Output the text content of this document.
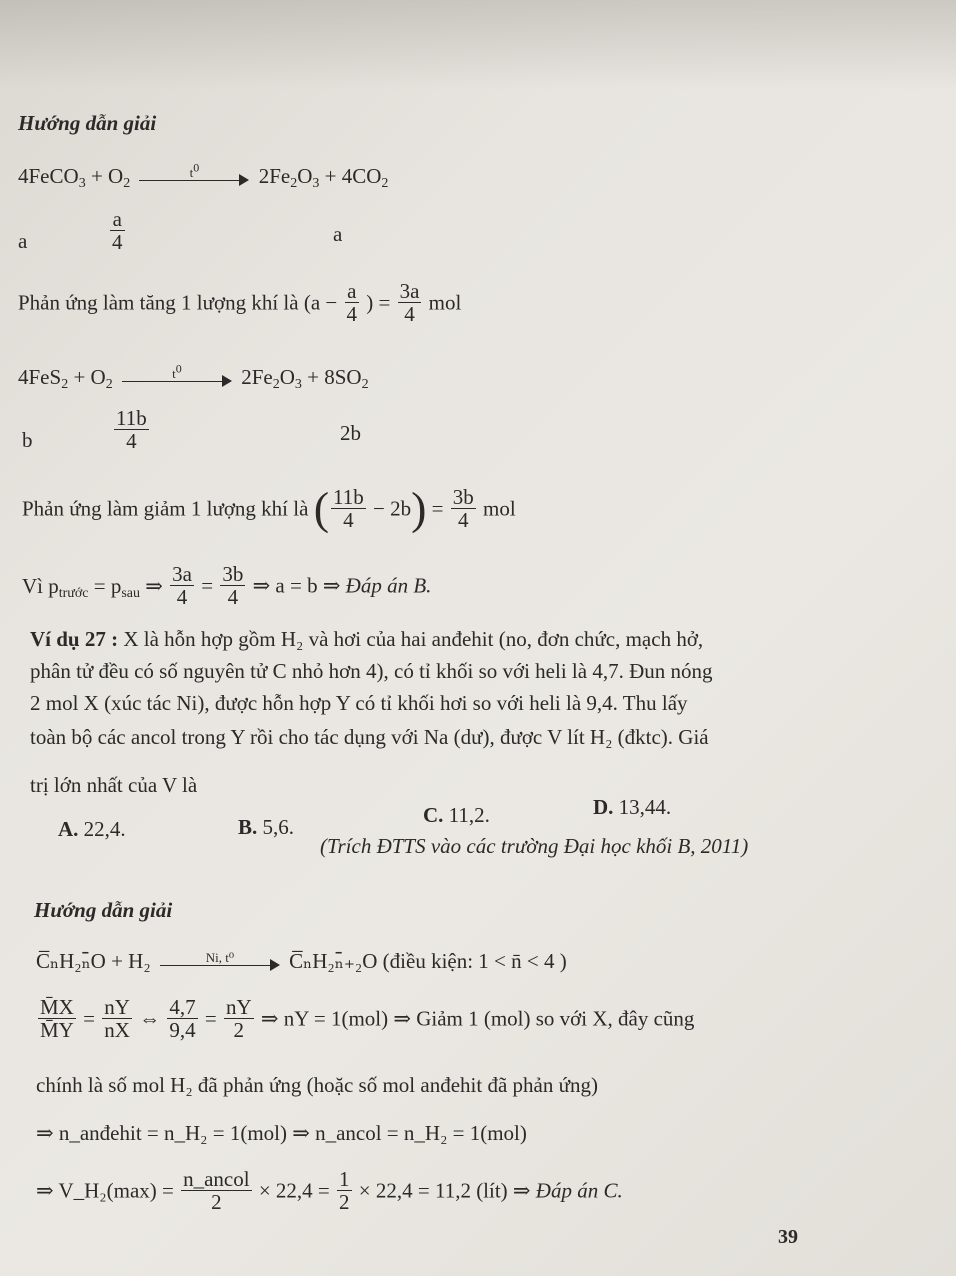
Hướng dẫn giải
4FeCO$_3$ + $O_2$
$t^0$	$2Fe_2O_3 + 4CO_2$
a	$\frac{a}{4}$	a
Phản ứng làm tăng 1 lượng khí là ($a - \frac{a}{4}$ ) = $\frac{3a}{4}$ mol
$4FeS_2 + O_2$
$t^0$	$2Fe_2O_3 + 8SO_2$
b	$\frac{11b}{4}$	2b
Phản ứng làm giảm 1 lượng khí là ( $\frac{11b}{4} - 2b) = \frac{3b}{4}$ mol
Vì $p_{trước} = p_{sau}$ ⇒ $\frac{3a}{4} = \frac{3b}{4}$ ⇒ a = b ⇒ Đáp án B.
Ví dụ 27 : X là hỗn hợp gồm H₂ và hơi của hai anđehit (no, đơn chức, mạch hở,
phân tử đều có số nguyên tử C nhỏ hơn 4), có tỉ khối so với heli là 4,7. Đun nóng
2 mol X (xúc tác Ni), được hỗn hợp Y có tỉ khối hơi so với heli là 9,4. Thu lấy
toàn bộ các ancol trong Y rồi cho tác dụng với Na (dư), được V lít H₂ (đktc). Giá
trị lớn nhất của V là
A. 22,4.	B. 5,6.	C. 11,2.	D. 13,44.
(Trích ĐTTS vào các trường Đại học khối B, 2011)
Hướng dẫn giải
C̅ₙH₂ₙ̄O + H₂	Ni, t⁰	C̅ₙH₂ₙ̄₊₂O (điều kiện: 1 < n̄ < 4 )
$\frac{M̄X}{M̄Y} = \frac{nY}{nX}$ ⇔ $\frac{4,7}{9,4} = \frac{nY}{2}$ ⇒ nY = 1(mol) ⇒ Giảm 1 (mol) so với X, đây cũng
chính là số mol H₂ đã phản ứng (hoặc số mol anđehit đã phản ứng)
⇒ n_anđehit = n_H₂ = 1(mol) ⇒ n_ancol = n_H₂ = 1(mol)
⇒ V_H₂(max) = $\frac{\text{n\_ancol}}{2} \times 22,4 = \frac{1}{2} \times 22,4 = 11,2$ (lít) ⇒ Đáp án C.
39
